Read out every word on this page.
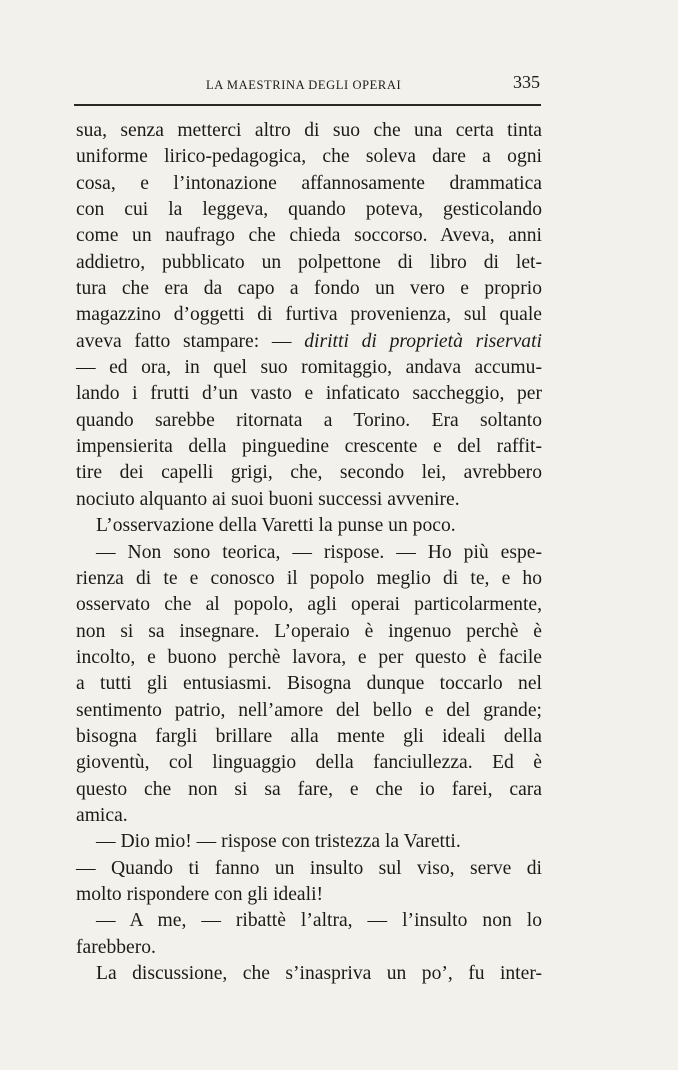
LA MAESTRINA DEGLI OPERAI	335
sua, senza metterci altro di suo che una certa tinta
uniforme lirico-pedagogica, che soleva dare a ogni
cosa, e l’intonazione affannosamente drammatica
con cui la leggeva, quando poteva, gesticolando
come un naufrago che chieda soccorso. Aveva, anni
addietro, pubblicato un polpettone di libro di let-
tura che era da capo a fondo un vero e proprio
magazzino d’oggetti di furtiva provenienza, sul quale
aveva fatto stampare: — diritti di proprietà riservati
— ed ora, in quel suo romitaggio, andava accumu-
lando i frutti d’un vasto e infaticato saccheggio, per
quando sarebbe ritornata a Torino. Era soltanto
impensierita della pinguedine crescente e del raffit-
tire dei capelli grigi, che, secondo lei, avrebbero
nociuto alquanto ai suoi buoni successi avvenire.
L’osservazione della Varetti la punse un poco.
— Non sono teorica, — rispose. — Ho più espe-
rienza di te e conosco il popolo meglio di te, e ho
osservato che al popolo, agli operai particolarmente,
non si sa insegnare. L’operaio è ingenuo perchè è
incolto, e buono perchè lavora, e per questo è facile
a tutti gli entusiasmi. Bisogna dunque toccarlo nel
sentimento patrio, nell’amore del bello e del grande;
bisogna fargli brillare alla mente gli ideali della
gioventù, col linguaggio della fanciullezza. Ed è
questo che non si sa fare, e che io farei, cara
amica.
— Dio mio! — rispose con tristezza la Varetti.
— Quando ti fanno un insulto sul viso, serve di
molto rispondere con gli ideali!
— A me, — ribattè l’altra, — l’insulto non lo
farebbero.
La discussione, che s’inaspriva un po’, fu inter-
